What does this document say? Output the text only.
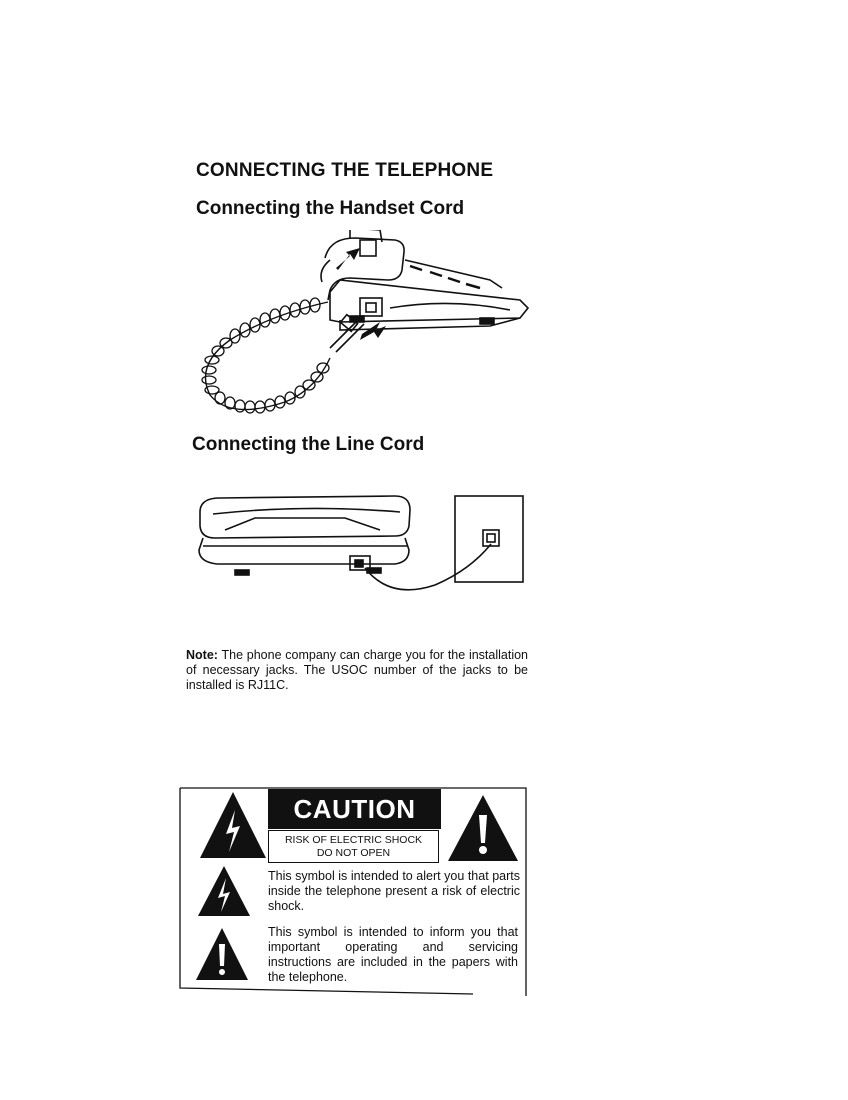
CONNECTING THE TELEPHONE
Connecting the Handset Cord
Connecting the Line Cord
Note: The phone company can charge you for the installation of necessary jacks. The USOC number of the jacks to be installed is RJ11C.
CAUTION
RISK OF ELECTRIC SHOCK
DO NOT OPEN
This symbol is intended to alert you that parts inside the telephone present a risk of electric shock.
This symbol is intended to inform you that important operating and servicing instructions are included in the papers with the telephone.
